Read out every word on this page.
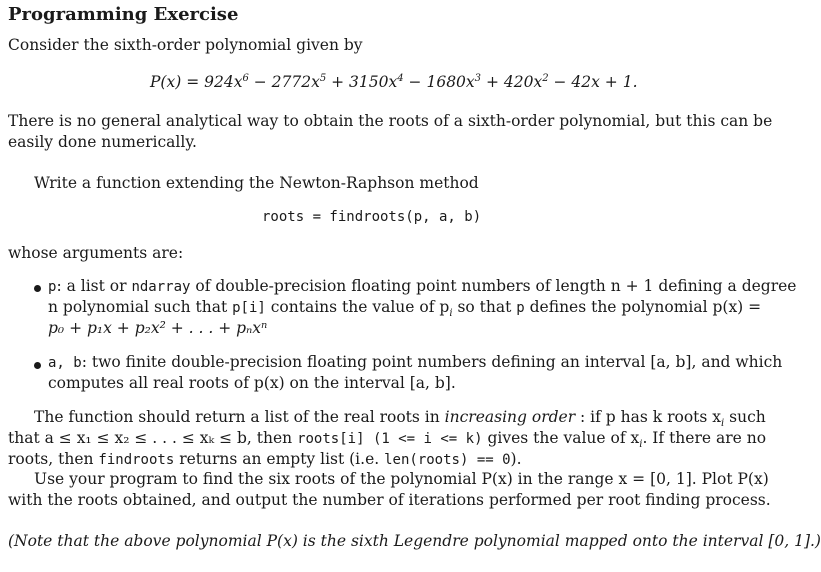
Programming Exercise
Consider the sixth-order polynomial given by
$P(x) = 924x^6 - 2772x^5 + 3150x^4 - 1680x^3 + 420x^2 - 42x + 1$.
There is no general analytical way to obtain the roots of a sixth-order polynomial, but this can be
easily done numerically.
Write a function extending the Newton-Raphson method
roots = findroots(p, a, b)
whose arguments are:
p: a list or ndarray of double-precision floating point numbers of length n + 1 defining a degree
n polynomial such that p[i] contains the value of $p_i$ so that p defines the polynomial p(x) =
p₀ + p₁x + p₂x² + . . . + pₙxⁿ
a, b: two finite double-precision floating point numbers defining an interval [a, b], and which
computes all real roots of p(x) on the interval [a, b].
The function should return a list of the real roots in increasing order : if p has k roots $x_i$ such
that a ≤ x₁ ≤ x₂ ≤ . . . ≤ xₖ ≤ b, then roots[i] (1 <= i <= k) gives the value of $x_i$. If there are no
roots, then findroots returns an empty list (i.e. len(roots) == 0).
Use your program to find the six roots of the polynomial P(x) in the range x = [0, 1]. Plot P(x)
with the roots obtained, and output the number of iterations performed per root finding process.
(Note that the above polynomial P(x) is the sixth Legendre polynomial mapped onto the interval [0, 1].)
